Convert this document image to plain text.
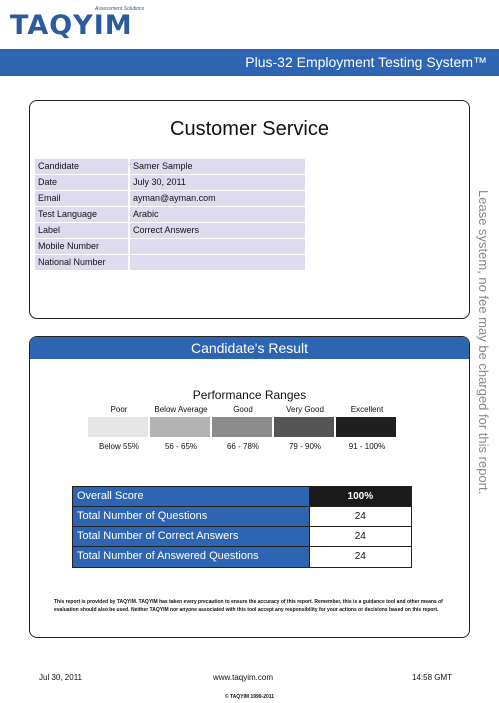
Assessment Solutions
TAQYIM
Plus-32 Employment Testing System™
Customer Service
Candidate	Samer Sample
Date	July 30, 2011
Email	ayman@ayman.com
Test Language	Arabic
Label	Correct Answers
Mobile Number
National Number
Candidate's Result
Performance Ranges
Poor	Below Average	Good	Very Good	Excellent
Below 55%	56 - 65%	66 - 78%	79 - 90%	91 - 100%
Overall Score	100%
Total Number of Questions	24
Total Number of Correct Answers	24
Total Number of Answered Questions	24
This report is provided by TAQYIM. TAQYIM has taken every precaution to ensure the accuracy of this report. Remember, this is a guidance tool and other means of evaluation should also be used. Neither TAQYIM nor anyone associated with this tool accept any responsibility for your actions or decisions based on this report.
Lease system, no fee may be charged for this report.
Jul 30, 2011	www.taqyim.com	14:58 GMT
© TAQYIM 1999-2011
